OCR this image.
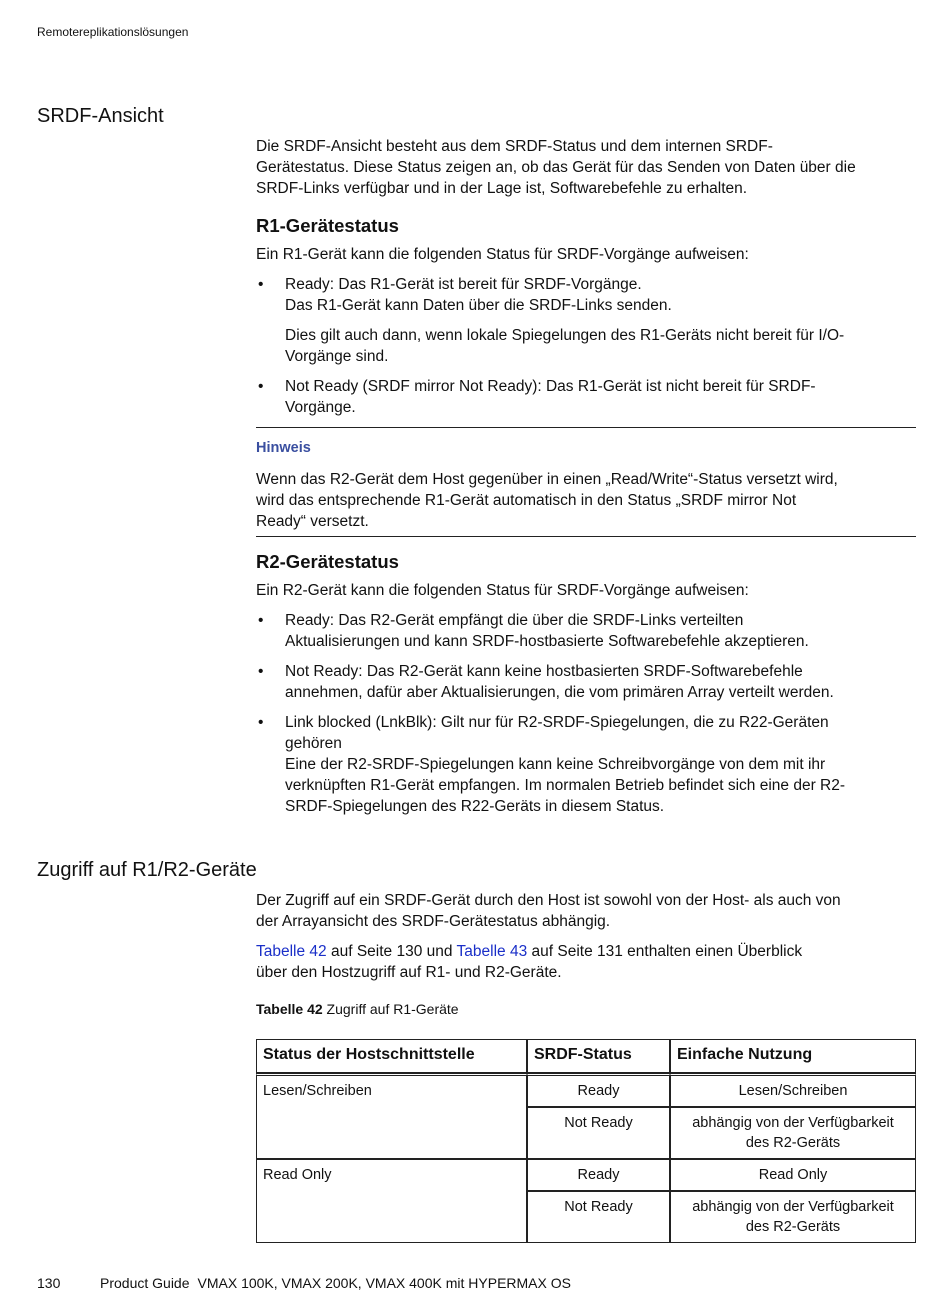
Remotereplikationslösungen
SRDF-Ansicht

Die SRDF-Ansicht besteht aus dem SRDF-Status und dem internen SRDF-
Gerätestatus. Diese Status zeigen an, ob das Gerät für das Senden von Daten über die
SRDF-Links verfügbar und in der Lage ist, Softwarebefehle zu erhalten.

R1-Gerätestatus

Ein R1-Gerät kann die folgenden Status für SRDF-Vorgänge aufweisen:

• Ready: Das R1-Gerät ist bereit für SRDF-Vorgänge.
Das R1-Gerät kann Daten über die SRDF-Links senden.
Dies gilt auch dann, wenn lokale Spiegelungen des R1-Geräts nicht bereit für I/O-
Vorgänge sind.
• Not Ready (SRDF mirror Not Ready): Das R1-Gerät ist nicht bereit für SRDF-
Vorgänge.
Hinweis

Wenn das R2-Gerät dem Host gegenüber in einen „Read/Write“-Status versetzt wird,
wird das entsprechende R1-Gerät automatisch in den Status „SRDF mirror Not
Ready“ versetzt.

R2-Gerätestatus

Ein R2-Gerät kann die folgenden Status für SRDF-Vorgänge aufweisen:

• Ready: Das R2-Gerät empfängt die über die SRDF-Links verteilten
Aktualisierungen und kann SRDF-hostbasierte Softwarebefehle akzeptieren.
• Not Ready: Das R2-Gerät kann keine hostbasierten SRDF-Softwarebefehle
annehmen, dafür aber Aktualisierungen, die vom primären Array verteilt werden.
• Link blocked (LnkBlk): Gilt nur für R2-SRDF-Spiegelungen, die zu R22-Geräten
gehören
Eine der R2-SRDF-Spiegelungen kann keine Schreibvorgänge von dem mit ihr
verknüpften R1-Gerät empfangen. Im normalen Betrieb befindet sich eine der R2-
SRDF-Spiegelungen des R22-Geräts in diesem Status.
Zugriff auf R1/R2-Geräte

Der Zugriff auf ein SRDF-Gerät durch den Host ist sowohl von der Host- als auch von
der Arrayansicht des SRDF-Gerätestatus abhängig.

Tabelle 42 auf Seite 130 und Tabelle 43 auf Seite 131 enthalten einen Überblick
über den Hostzugriff auf R1- und R2-Geräte.

Tabelle 42 Zugriff auf R1-Geräte
Status der Hostschnittstelle	SRDF-Status	Einfache Nutzung
Lesen/Schreiben	Ready	Lesen/Schreiben
	Not Ready	abhängig von der Verfügbarkeit
des R2-Geräts
Read Only	Ready	Read Only
	Not Ready	abhängig von der Verfügbarkeit
des R2-Geräts
130	Product Guide VMAX 100K, VMAX 200K, VMAX 400K mit HYPERMAX OS
